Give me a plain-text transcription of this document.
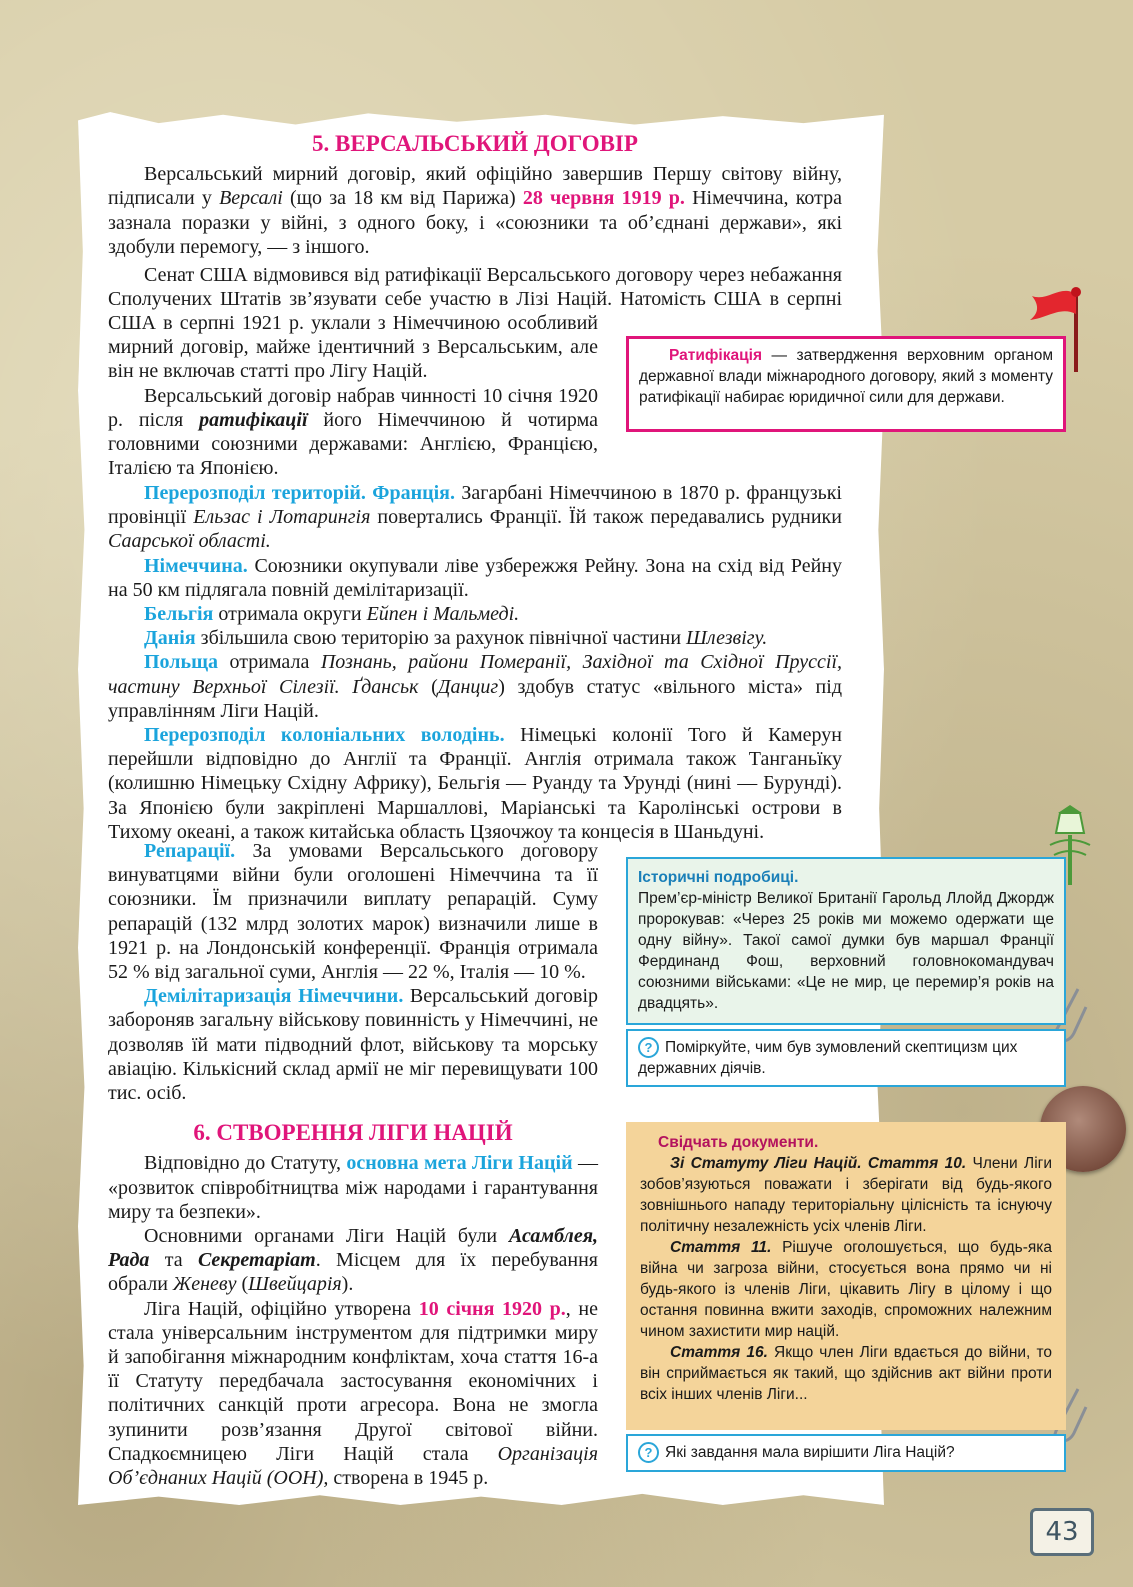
5. ВЕРСАЛЬСЬКИЙ ДОГОВІР

Версальський мирний договір, який офіційно завершив Першу світову війну, підписали у Версалі (що за 18 км від Парижа) 28 червня 1919 р. Німеччина, котра зазнала поразки у війні, з одного боку, і «союзники та об’єднані держави», які здобули перемогу, — з іншого.

Сенат США відмовився від ратифікації Версальського договору через небажання Сполучених Штатів зв’язувати себе участю в Лізі Націй. Натомість США в серпні

США в серпні 1921 р. уклали з Німеччиною особливий мирний договір, майже ідентичний з Версальським, але він не включав статті про Лігу Націй.

Версальський договір набрав чинності 10 січня 1920 р. після ратифікації його Німеччиною й чотирма головними союзними державами: Англією, Францією, Італією та Японією.

Ратифікація — затвердження верховним органом державної влади міжнародного договору, який з моменту ратифікації набирає юридичної сили для держави.

Перерозподіл територій. Франція. Загарбані Німеччиною в 1870 р. французькі провінції Ельзас і Лотарингія повертались Франції. Їй також передавались рудники Саарської області.

Німеччина. Союзники окупували ліве узбережжя Рейну. Зона на схід від Рейну на 50 км підлягала повній демілітаризації.

Бельгія отримала округи Ейпен і Мальмеді.

Данія збільшила свою територію за рахунок північної частини Шлезвігу.

Польща отримала Познань, райони Померанії, Західної та Східної Пруссії, частину Верхньої Сілезії. Ґданськ (Данциг) здобув статус «вільного міста» під управлінням Ліги Націй.

Перерозподіл колоніальних володінь. Німецькі колонії Того й Камерун перейшли відповідно до Англії та Франції. Англія отримала також Танганьїку (колишню Німецьку Східну Африку), Бельгія — Руанду та Урунді (нині — Бурунді). За Японією були закріплені Маршаллові, Маріанські та Каролінські острови в Тихому океані, а також китайська область Цзяочжоу та концесія в Шаньдуні.

Репарації. За умовами Версальського договору винуватцями війни були оголошені Німеччина та її союзники. Їм призначили виплату репарацій. Суму репарацій (132 млрд золотих марок) визначили лише в 1921 р. на Лондонській конференції. Франція отримала 52 % від загальної суми, Англія — 22 %, Італія — 10 %.

Демілітаризація Німеччини. Версальський договір забороняв загальну військову повинність у Німеччині, не дозволяв їй мати підводний флот, військову та морську авіацію. Кількісний склад армії не міг перевищувати 100 тис. осіб.

6. СТВОРЕННЯ ЛІГИ НАЦІЙ

Відповідно до Статуту, основна мета Ліги Націй — «розвиток співробітництва між народами і гарантування миру та безпеки».

Основними органами Ліги Націй були Асамблея, Рада та Секретаріат. Місцем для їх перебування обрали Женеву (Швейцарія).

Ліга Націй, офіційно утворена 10 січня 1920 р., не стала універсальним інструментом для підтримки миру й запобігання міжнародним конфліктам, хоча стаття 16-а її Статуту передбачала застосування економічних і політичних санкцій проти агресора. Вона не змогла зупинити розв’язання Другої світової війни. Спадкоємницею Ліги Націй стала Організація Об’єднаних Націй (ООН), створена в 1945 р.

Історичні подробиці.
Прем’єр-міністр Великої Британії Гарольд Ллойд Джордж пророкував: «Через 25 років ми можемо одержати ще одну війну». Такої самої думки був маршал Франції Фердинанд Фош, верховний головнокомандувач союзними військами: «Це не мир, це перемир’я років на двадцять».
? Поміркуйте, чим був зумовлений скептицизм цих державних діячів.
Свідчать документи.
Зі Статуту Ліги Націй. Стаття 10. Члени Ліги зобов’язуються поважати і зберігати від будь-якого зовнішнього нападу територіальну цілісність та існуючу політичну незалежність усіх членів Ліги.
Стаття 11. Рішуче оголошується, що будь-яка війна чи загроза війни, стосується вона прямо чи ні будь-якого із членів Ліги, цікавить Лігу в цілому і що остання повинна вжити заходів, спроможних належним чином захистити мир націй.
Стаття 16. Якщо член Ліги вдається до війни, то він сприймається як такий, що здійснив акт війни проти всіх інших членів Ліги...
? Які завдання мала вирішити Ліга Націй?
43
